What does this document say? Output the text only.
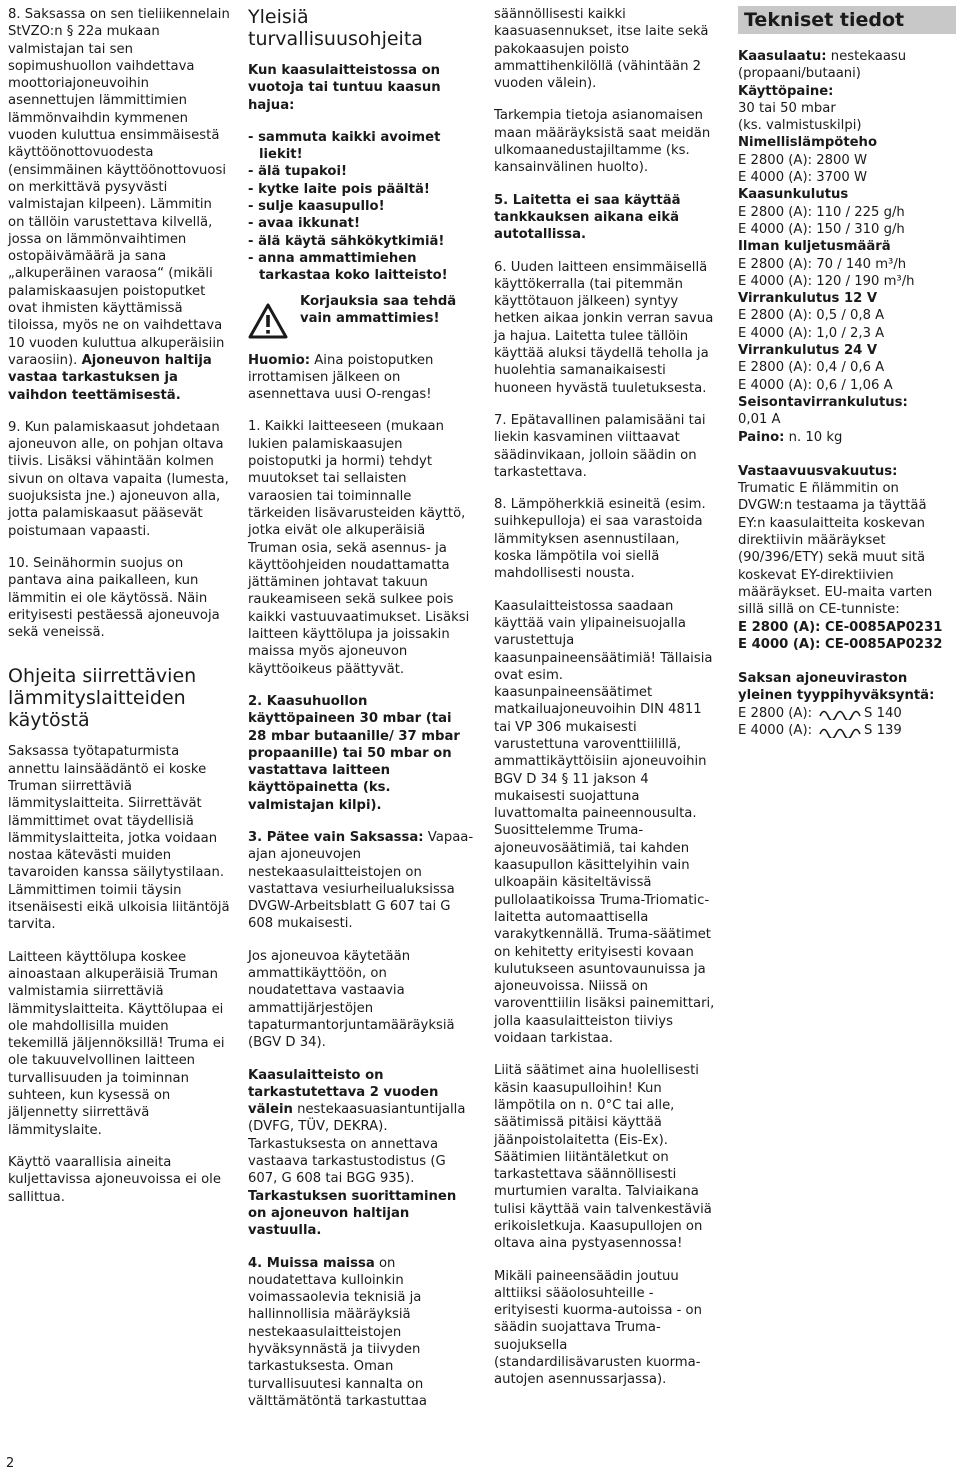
8. Saksassa on sen tieliikennelain StVZO:n § 22a mukaan valmistajan tai sen sopimushuollon vaihdettava moottoriajoneuvoihin asennettujen lämmittimien lämmönvaihdin kymmenen vuoden kuluttua ensimmäisestä käyttöönottovuodesta (ensimmäinen käyttöönottovuosi on merkittävä pysyvästi valmistajan kilpeen). Lämmitin on tällöin varustettava kilvellä, jossa on lämmönvaihtimen ostopäivämäärä ja sana „alkuperäinen varaosa“ (mikäli palamiskaasujen poistoputket ovat ihmisten käyttämissä tiloissa, myös ne on vaihdettava 10 vuoden kuluttua alkuperäisiin varaosiin). Ajoneuvon haltija vastaa tarkastuksen ja vaihdon teettämisestä.

9. Kun palamiskaasut johdetaan ajoneuvon alle, on pohjan oltava tiivis. Lisäksi vähintään kolmen sivun on oltava vapaita (lumesta, suojuksista jne.) ajoneuvon alla, jotta palamiskaasut pääsevät poistumaan vapaasti.

10. Seinähormin suojus on pantava aina paikalleen, kun lämmitin ei ole käytössä. Näin erityisesti pestäessä ajoneuvoja sekä veneissä.

Ohjeita siirrettävien lämmityslaitteiden käytöstä

Saksassa työtapaturmista annettu lainsäädäntö ei koske Truman siirrettäviä lämmityslaitteita. Siirrettävät lämmittimet ovat täydellisiä lämmityslaitteita, jotka voidaan nostaa kätevästi muiden tavaroiden kanssa säilytystilaan. Lämmittimen toimii täysin itsenäisesti eikä ulkoisia liitäntöjä tarvita.

Laitteen käyttölupa koskee ainoastaan alkuperäisiä Truman valmistamia siirrettäviä lämmityslaitteita. Käyttölupaa ei ole mahdollisilla muiden tekemillä jäljennöksillä! Truma ei ole takuuvelvollinen laitteen turvallisuuden ja toiminnan suhteen, kun kysessä on jäljennetty siirrettävä lämmityslaite.

Käyttö vaarallisia aineita kuljettavissa ajoneuvoissa ei ole sallittua.

Yleisiä turvallisuusohjeita

Kun kaasulaitteistossa on vuotoja tai tuntuu kaasun hajua:

- sammuta kaikki avoimet liekit!

- älä tupakoi!

- kytke laite pois päältä!

- sulje kaasupullo!

- avaa ikkunat!

- älä käytä sähkökytkimiä!

- anna ammattimiehen tarkastaa koko laitteisto!

Korjauksia saa tehdä vain ammattimies!

Huomio: Aina poistoputken irrottamisen jälkeen on asennettava uusi O-rengas!

1. Kaikki laitteeseen (mukaan lukien palamiskaasujen poistoputki ja hormi) tehdyt muutokset tai sellaisten varaosien tai toiminnalle tärkeiden lisävarusteiden käyttö, jotka eivät ole alkuperäisiä Truman osia, sekä asennus- ja käyttöohjeiden noudattamatta jättäminen johtavat takuun raukeamiseen sekä sulkee pois kaikki vastuuvaatimukset. Lisäksi laitteen käyttölupa ja joissakin maissa myös ajoneuvon käyttöoikeus päättyvät.

2. Kaasuhuollon käyttöpaineen 30 mbar (tai 28 mbar butaanille/ 37 mbar propaanille) tai 50 mbar on vastattava laitteen käyttöpainetta (ks. valmistajan kilpi).

3. Pätee vain Saksassa: Vapaa-ajan ajoneuvojen nestekaasulaitteistojen on vastattava vesiurheilualuksissa DVGW-Arbeitsblatt G 607 tai G 608 mukaisesti.

Jos ajoneuvoa käytetään ammattikäyttöön, on noudatettava vastaavia ammattijärjestöjen tapaturmantorjuntamääräyksiä (BGV D 34).

Kaasulaitteisto on tarkastutettava 2 vuoden välein nestekaasuasiantuntijalla (DVFG, TÜV, DEKRA). Tarkastuksesta on annettava vastaava tarkastustodistus (G 607, G 608 tai BGG 935). Tarkastuksen suorittaminen on ajoneuvon haltijan vastuulla.

4. Muissa maissa on noudatettava kulloinkin voimassaolevia teknisiä ja hallinnollisia määräyksiä nestekaasulaitteistojen hyväksynnästä ja tiivyden tarkastuksesta. Oman turvallisuutesi kannalta on välttämätöntä tarkastuttaa

säännöllisesti kaikki kaasuasennukset, itse laite sekä pakokaasujen poisto ammattihenkilöllä (vähintään 2 vuoden välein).

Tarkempia tietoja asianomaisen maan määräyksistä saat meidän ulkomaanedustajiltamme (ks. kansainvälinen huolto).

5. Laitetta ei saa käyttää tankkauksen aikana eikä autotallissa.

6. Uuden laitteen ensimmäisellä käyttökerralla (tai pitemmän käyttötauon jälkeen) syntyy hetken aikaa jonkin verran savua ja hajua. Laitetta tulee tällöin käyttää aluksi täydellä teholla ja huolehtia samanaikaisesti huoneen hyvästä tuuletuksesta.

7. Epätavallinen palamisääni tai liekin kasvaminen viittaavat säädinvikaan, jolloin säädin on tarkastettava.

8. Lämpöherkkiä esineitä (esim. suihkepulloja) ei saa varastoida lämmityksen asennustilaan, koska lämpötila voi siellä mahdollisesti nousta.

Kaasulaitteistossa saadaan käyttää vain ylipaineisuojalla varustettuja kaasunpaineensäätimiä! Tällaisia ovat esim. kaasunpaineensäätimet matkailuajoneuvoihin DIN 4811 tai VP 306 mukaisesti varustettuna varoventtiilillä, ammattikäyttöisiin ajoneuvoihin BGV D 34 § 11 jakson 4 mukaisesti suojattuna luvattomalta paineennousulta. Suosittelemme Truma-ajoneuvosäätimiä, tai kahden kaasupullon käsittelyihin vain ulkoapäin käsiteltävissä pullolaatikoissa Truma-Triomatic-laitetta automaattisella varakytkennällä. Truma-säätimet on kehitetty erityisesti kovaan kulutukseen asuntovaunuissa ja ajoneuvoissa. Niissä on varoventtiilin lisäksi painemittari, jolla kaasulaitteiston tiiviys voidaan tarkistaa.

Liitä säätimet aina huolellisesti käsin kaasupulloihin! Kun lämpötila on n. 0°C tai alle, säätimissä pitäisi käyttää jäänpoistolaitetta (Eis-Ex). Säätimien liitäntäletkut on tarkastettava säännöllisesti murtumien varalta. Talviaikana tulisi käyttää vain talvenkestäviä erikoisletkuja. Kaasupullojen on oltava aina pystyasennossa!

Mikäli paineensäädin joutuu alttiiksi sääolosuhteille - erityisesti kuorma-autoissa - on säädin suojattava Truma-suojuksella (standardilisävarusten kuorma-autojen asennussarjassa).

Tekniset tiedot
Kaasulaatu: nestekaasu (propaani/butaani)
Käyttöpaine:
30 tai 50 mbar
(ks. valmistuskilpi)
Nimellislämpöteho
E 2800 (A): 2800 W
E 4000 (A): 3700 W
Kaasunkulutus
E 2800 (A): 110 / 225 g/h
E 4000 (A): 150 / 310 g/h
Ilman kuljetusmäärä
E 2800 (A): 70 / 140 m³/h
E 4000 (A): 120 / 190 m³/h
Virrankulutus 12 V
E 2800 (A): 0,5 / 0,8 A
E 4000 (A): 1,0 / 2,3 A
Virrankulutus 24 V
E 2800 (A): 0,4 / 0,6 A
E 4000 (A): 0,6 / 1,06 A
Seisontavirrankulutus:
0,01 A
Paino: n. 10 kg
Vastaavuusvakuutus:
Trumatic E ñlämmitin on DVGW:n testaama ja täyttää EY:n kaasulaitteita koskevan direktiivin määräykset (90/396/ETY) sekä muut sitä koskevat EY-direktiivien määräykset. EU-maita varten sillä sillä on CE-tunniste:
E 2800 (A): CE-0085AP0231
E 4000 (A): CE-0085AP0232
Saksan ajoneuviraston yleinen tyyppihyväksyntä:
E 2800 (A):	S 140
E 4000 (A):	S 139
2
